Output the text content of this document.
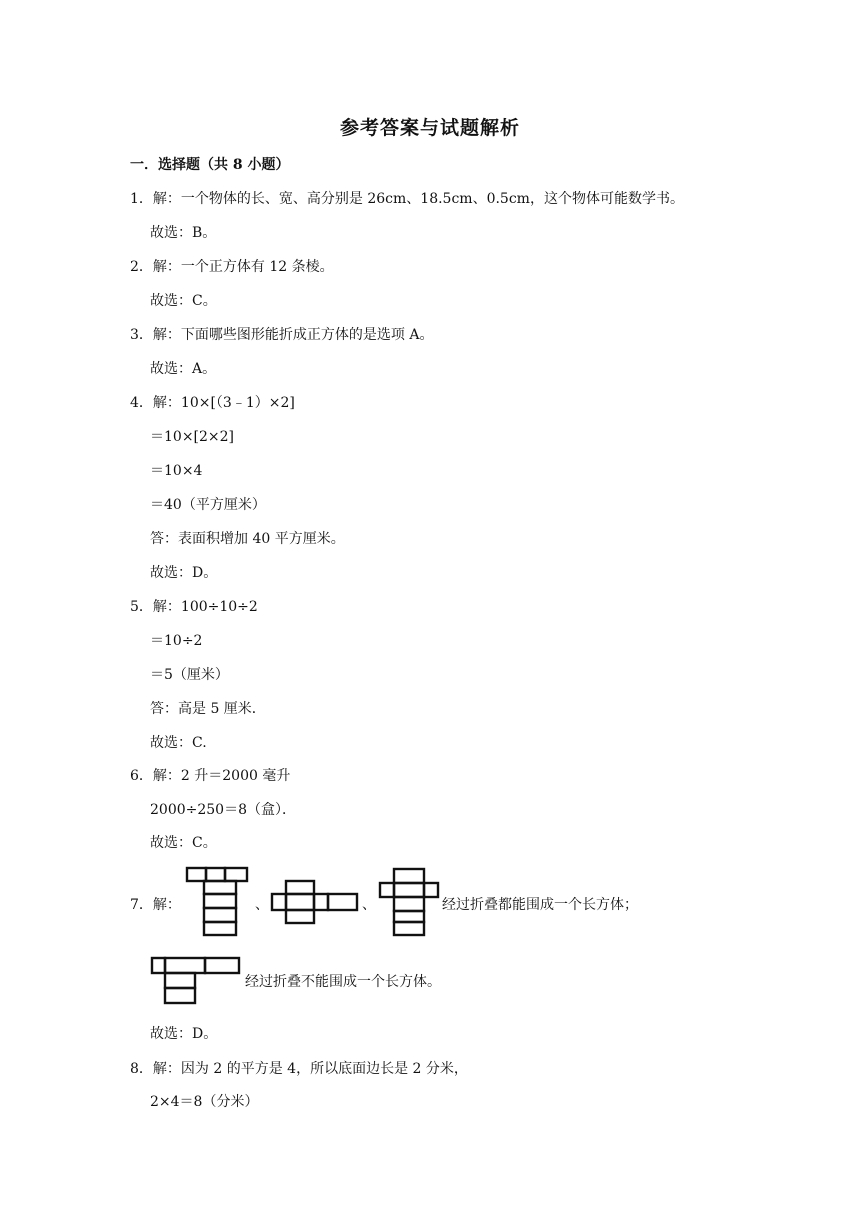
参考答案与试题解析
一．选择题（共 8 小题）
1．解：一个物体的长、宽、高分别是 26cm、18.5cm、0.5cm，这个物体可能数学书。
故选：B。
2．解：一个正方体有 12 条棱。
故选：C。
3．解：下面哪些图形能折成正方体的是选项 A。
故选：A。
4．解：10×[（3﹣1）×2]
＝10×[2×2]
＝10×4
＝40（平方厘米）
答：表面积增加 40 平方厘米。
故选：D。
5．解：100÷10÷2
＝10÷2
＝5（厘米）
答：高是 5 厘米．
故选：C.
6．解：2 升＝2000 毫升
2000÷250＝8（盒）．
故选：C。
7．解：	、	、	经过折叠都能围成一个长方体；
经过折叠不能围成一个长方体。
故选：D。
8．解：因为 2 的平方是 4，所以底面边长是 2 分米，
2×4＝8（分米）
